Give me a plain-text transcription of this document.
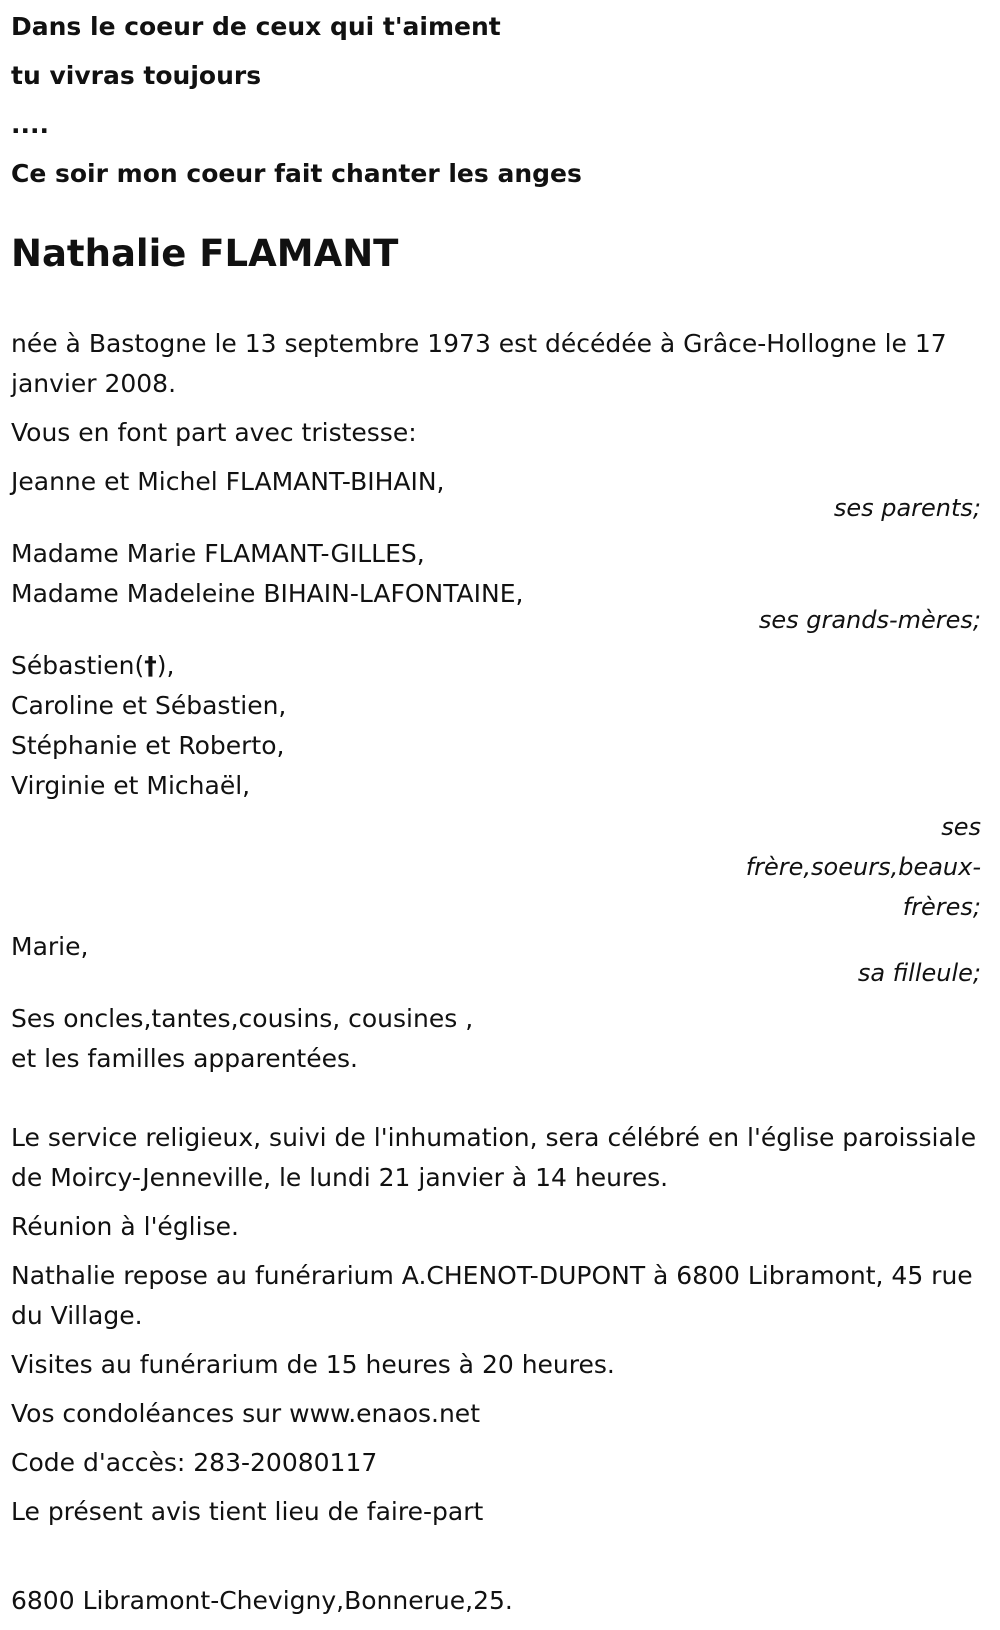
Dans le coeur de ceux qui t'aiment
tu vivras toujours
....
Ce soir mon coeur fait chanter les anges
Nathalie FLAMANT
née à Bastogne le 13 septembre 1973 est décédée à Grâce-Hollogne le 17 janvier 2008.
Vous en font part avec tristesse:
Jeanne et Michel FLAMANT-BIHAIN,
ses parents;
Madame Marie FLAMANT-GILLES,
Madame Madeleine BIHAIN-LAFONTAINE,
ses grands-mères;
Sébastien(†),
Caroline et Sébastien,
Stéphanie et Roberto,
Virginie et Michaël,
ses
frère,soeurs,beaux-
frères;
Marie,
sa filleule;
Ses oncles,tantes,cousins, cousines ,
et les familles apparentées.
Le service religieux, suivi de l'inhumation, sera célébré en l'église paroissiale de Moircy-Jenneville, le lundi 21 janvier à 14 heures.
Réunion à l'église.
Nathalie repose au funérarium A.CHENOT-DUPONT à 6800 Libramont, 45 rue du Village.
Visites au funérarium de 15 heures à 20 heures.
Vos condoléances sur www.enaos.net
Code d'accès: 283-20080117
Le présent avis tient lieu de faire-part
6800 Libramont-Chevigny,Bonnerue,25.
